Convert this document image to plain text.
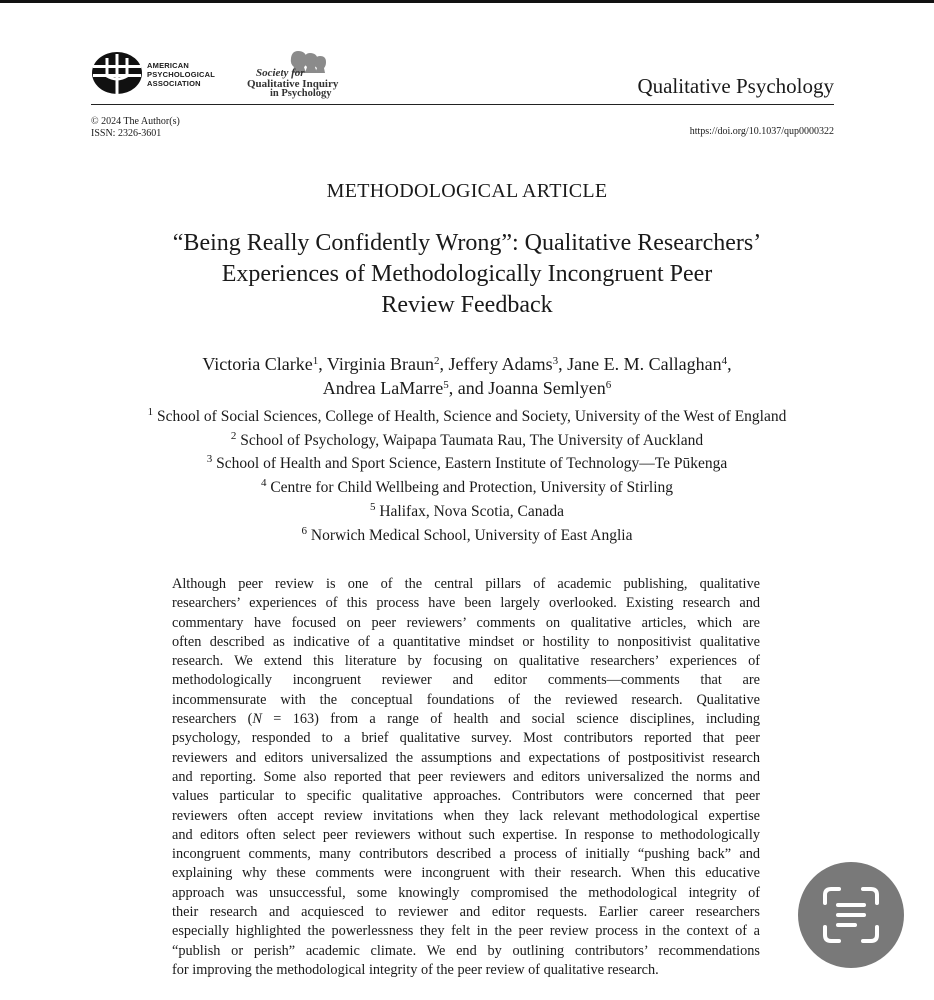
AMERICAN
PSYCHOLOGICAL
ASSOCIATION
Society for
Qualitative Inquiry
in Psychology	Qualitative Psychology
© 2024 The Author(s)
ISSN: 2326-3601	https://doi.org/10.1037/qup0000322
METHODOLOGICAL ARTICLE
“Being Really Confidently Wrong”: Qualitative Researchers’
Experiences of Methodologically Incongruent Peer
Review Feedback
Victoria Clarke$^1$, Virginia Braun$^2$, Jeffery Adams$^3$, Jane E. M. Callaghan$^4$,
Andrea LaMarre$^5$, and Joanna Semlyen$^6$
$^1$ School of Social Sciences, College of Health, Science and Society, University of the West of England
$^2$ School of Psychology, Waipapa Taumata Rau, The University of Auckland
$^3$ School of Health and Sport Science, Eastern Institute of Technology—Te Pūkenga
$^4$ Centre for Child Wellbeing and Protection, University of Stirling
$^5$ Halifax, Nova Scotia, Canada
$^6$ Norwich Medical School, University of East Anglia
Although peer review is one of the central pillars of academic publishing, qualitative
researchers’ experiences of this process have been largely overlooked. Existing research and
commentary have focused on peer reviewers’ comments on qualitative articles, which are
often described as indicative of a quantitative mindset or hostility to nonpositivist qualitative
research. We extend this literature by focusing on qualitative researchers’ experiences of
methodologically incongruent reviewer and editor comments—comments that are
incommensurate with the conceptual foundations of the reviewed research. Qualitative
researchers (N = 163) from a range of health and social science disciplines, including
psychology, responded to a brief qualitative survey. Most contributors reported that peer
reviewers and editors universalized the assumptions and expectations of postpositivist research
and reporting. Some also reported that peer reviewers and editors universalized the norms and
values particular to specific qualitative approaches. Contributors were concerned that peer
reviewers often accept review invitations when they lack relevant methodological expertise
and editors often select peer reviewers without such expertise. In response to methodologically
incongruent comments, many contributors described a process of initially “pushing back” and
explaining why these comments were incongruent with their research. When this educative
approach was unsuccessful, some knowingly compromised the methodological integrity of
their research and acquiesced to reviewer and editor requests. Earlier career researchers
especially highlighted the powerlessness they felt in the peer review process in the context of a
“publish or perish” academic climate. We end by outlining contributors’ recommendations
for improving the methodological integrity of the peer review of qualitative research.
